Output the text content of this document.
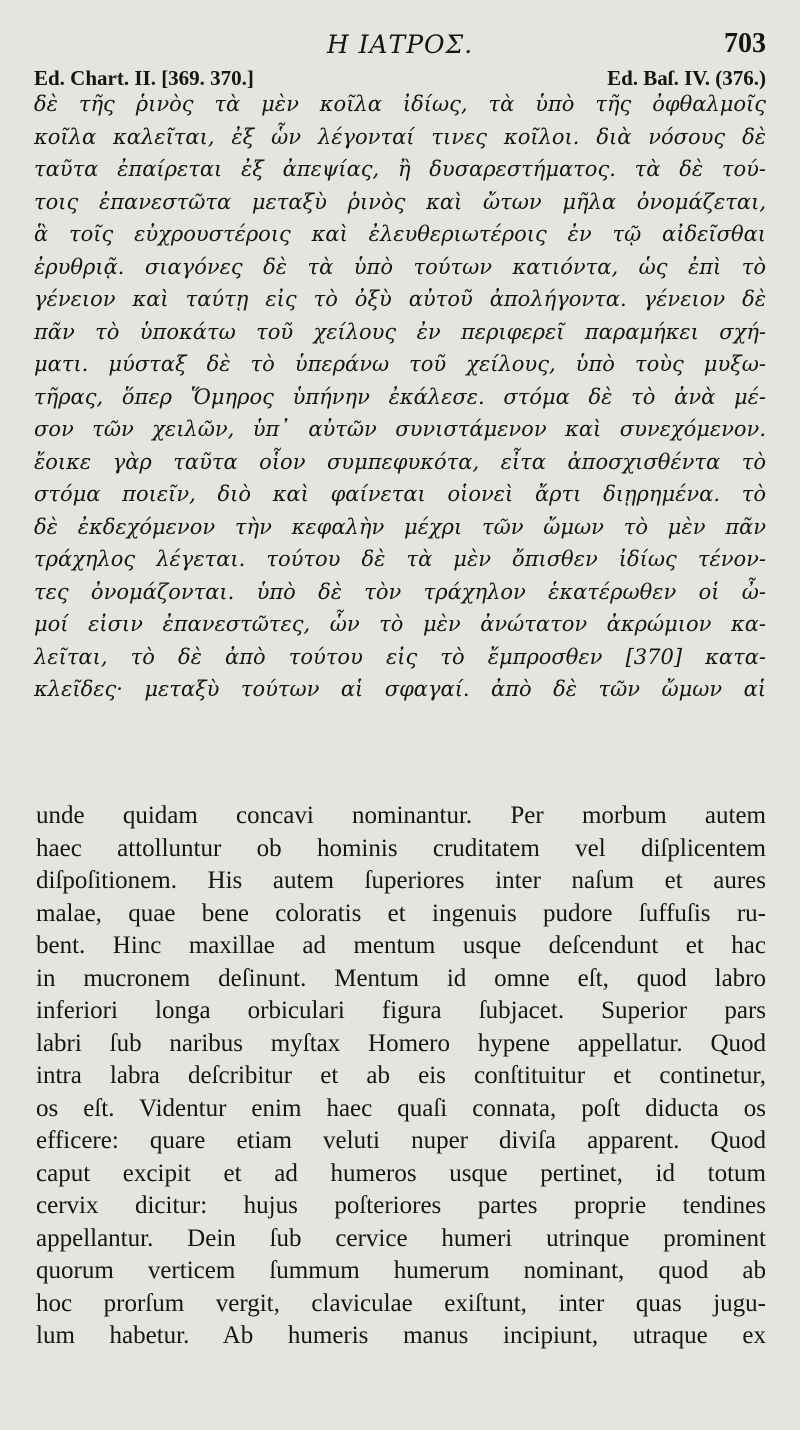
Η ΙΑΤΡΟΣ.	703
Ed. Chart. II. [369. 370.]	Ed. Baſ. IV. (376.)
δὲ τῆς ῥινὸς τὰ μὲν κοῖλα ἰδίως, τὰ ὑπὸ τῆς ὀφθαλμοῖς
κοῖλα καλεῖται, ἐξ ὧν λέγονταί τινες κοῖλοι. διὰ νόσους δὲ
ταῦτα ἐπαίρεται ἐξ ἀπεψίας, ἢ δυσαρεστήματος. τὰ δὲ τού-
τοις ἐπανεστῶτα μεταξὺ ῥινὸς καὶ ὤτων μῆλα ὀνομάζεται,
ἃ τοῖς εὐχρουστέροις καὶ ἐλευθεριωτέροις ἐν τῷ αἰδεῖσθαι
ἐρυθριᾷ. σιαγόνες δὲ τὰ ὑπὸ τούτων κατιόντα, ὡς ἐπὶ τὸ
γένειον καὶ ταύτῃ εἰς τὸ ὀξὺ αὐτοῦ ἀπολήγοντα. γένειον δὲ
πᾶν τὸ ὑποκάτω τοῦ χείλους ἐν περιφερεῖ παραμήκει σχή-
ματι. μύσταξ δὲ τὸ ὑπεράνω τοῦ χείλους, ὑπὸ τοὺς μυξω-
τῆρας, ὅπερ Ὅμηρος ὑπήνην ἐκάλεσε. στόμα δὲ τὸ ἀνὰ μέ-
σον τῶν χειλῶν, ὑπ᾽ αὐτῶν συνιστάμενον καὶ συνεχόμενον.
ἔοικε γὰρ ταῦτα οἷον συμπεφυκότα, εἶτα ἀποσχισθέντα τὸ
στόμα ποιεῖν, διὸ καὶ φαίνεται οἱονεὶ ἄρτι διῃρημένα. τὸ
δὲ ἐκδεχόμενον τὴν κεφαλὴν μέχρι τῶν ὤμων τὸ μὲν πᾶν
τράχηλος λέγεται. τούτου δὲ τὰ μὲν ὄπισθεν ἰδίως τένον-
τες ὀνομάζονται. ὑπὸ δὲ τὸν τράχηλον ἑκατέρωθεν οἱ ὦ-
μοί εἰσιν ἐπανεστῶτες, ὧν τὸ μὲν ἀνώτατον ἀκρώμιον κα-
λεῖται, τὸ δὲ ἀπὸ τούτου εἰς τὸ ἔμπροσθεν [370] κατα-
κλεῖδες· μεταξὺ τούτων αἱ σφαγαί. ἀπὸ δὲ τῶν ὤμων αἱ
unde quidam concavi nominantur. Per morbum autem
haec attolluntur ob hominis cruditatem vel diſplicentem
diſpoſitionem. His autem ſuperiores inter naſum et aures
malae, quae bene coloratis et ingenuis pudore ſuffuſis ru-
bent. Hinc maxillae ad mentum usque deſcendunt et hac
in mucronem deſinunt. Mentum id omne eſt, quod labro
inferiori longa orbiculari figura ſubjacet. Superior pars
labri ſub naribus myſtax Homero hypene appellatur. Quod
intra labra deſcribitur et ab eis conſtituitur et continetur,
os eſt. Videntur enim haec quaſi connata, poſt diducta os
efficere: quare etiam veluti nuper diviſa apparent. Quod
caput excipit et ad humeros usque pertinet, id totum
cervix dicitur: hujus poſteriores partes proprie tendines
appellantur. Dein ſub cervice humeri utrinque prominent
quorum verticem ſummum humerum nominant, quod ab
hoc prorſum vergit, claviculae exiſtunt, inter quas jugu-
lum habetur. Ab humeris manus incipiunt, utraque ex
